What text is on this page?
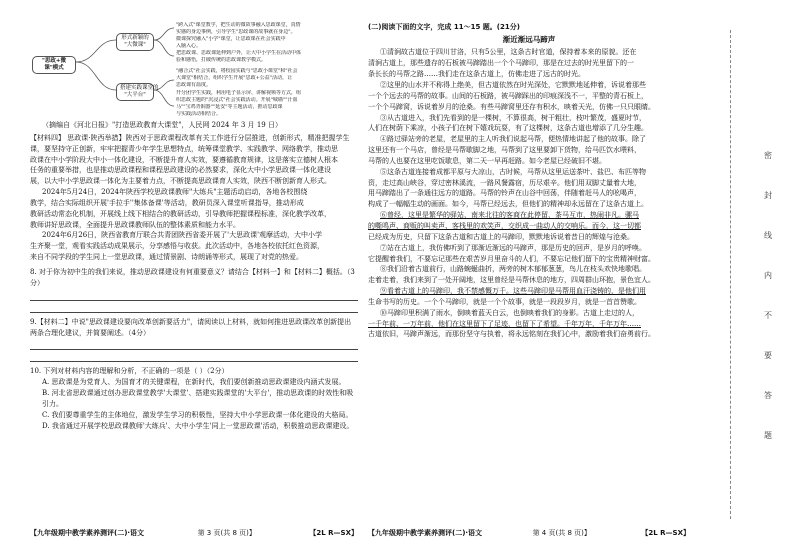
"思政+微课"模式
形式新颖的
"大微课"
搭建实践课堂的
"大平台"
"跨入式"课堂教学，把生动的微故事融入思政课堂，真情
实感的身边事例，引导学生"思政课的故事就在身边"。
微课探究融入"小学"课堂，让思政课在社会实践中
入脑入心。
把思政课、思政课延伸到户外，让大中小学生在活动中体
验和感悟，打破传统的思政课教学模式。
"融合式"社会实践，将校园实践与"思政小课堂"和"社会
大课堂"相结合，组织学生开展"思政+公益"活动，让
思政课有温度。
开分团学生实践，利用电子显示屏、讲解视频等方式，组
织思政主题的"沉浸式"社会实践活动。开展"城墙""汗血
马""宝鸡青铜器""延安"等主题活动，推动思政课
与实践活动相结合。
（摘编自《河北日报》"打造思政教育大课堂"，人民网 2024 年 3 月 19 日）
【材料四】 思政课·陕西举措】陕西对于思政课程改革有关工作进行分层推进，创新形式，精准把握学生
课，要坚持守正创新，牢牢把握青少年学生思想特点，统筹课堂教学、实践教学、网络教学，推动思
政课在中小学阶段大中小一体化建设，不断提升育人实效，要遵循教育规律，这是落实立德树人根本
任务的重要举措，也是推动思政课程和课程思政建设的必然要求，深化大中小学思政课一体化建设
展，以大中小学思政课一体化为主要着力点，不断提高思政课育人实效，陕西不断创新育人形式。
2024年5月24日，2024年陕西学校思政课教师"大练兵"主题活动启动，各地各校围绕
教学，结合实际组织开展'手拉手''集体备课'等活动，教研员深入课堂听课指导，推动形成
教研活动常态化机制，开展线上线下相结合的教研活动，引导教师把握课程标准，深化教学改革，
教师讲好思政课，全面提升思政课教师队伍的整体素质和能力水平。
2024年6月26日，陕西省教育厅联合共青团陕西省委开展了'大思政课'观摩活动，大中小学
生齐聚一堂，观看实践活动成果展示，分享感悟与收获。此次活动中，各地各校依托红色资源，
来自不同学段的学生同上一堂思政课，通过情景剧、诗朗诵等形式，展现了对党的热爱。
8. 对于你为初中生的我们来说，推动思政课建设有何重要意义？请结合【材料一】和【材料二】概括。（3分）
9.【材料二】中说"思政课建设要向改革创新要活力"，请阅读以上材料，就如何推进思政课改革创新提出两条合理化建议，并简要阐述。（4分）
10. 下列对材料内容的理解和分析，不正确的一项是（ ）（2分）
A. 思政课是为党育人、为国育才的关键课程，在新时代，我们要创新推动思政课建设内涵式发展。
B. 河北省思政课通过创办思政课堂教学'大课堂'、搭建实践课堂的'大平台'，推动思政课的时效性和吸引力。
C. 我们要尊重学生的主体地位，激发学生学习的积极性，坚持大中小学思政课一体化建设的大格局。
D. 我省通过开展学校思政课教师'大练兵'、大中小学生'同上一堂思政课'活动，积极推动思政课建设。
(二)阅读下面的文字，完成 11～15 题。(21分)
渐近渐远马蹄声
①清涧故古道位于四川甘洛，只有5公里，这条古时官道，保持着本来的原貌。还在
清涧古道上，那些遗存的石板被马蹄踏出一个个马蹄印，那是在过去的时光里留下的一
条长长的马帮之路……我们走在这条古道上，仿佛走进了远古的时光。
②这里的山水并不称得上绝美，但古道依然在时光深处，它默默地延伸着，诉说着那些
一个个远去的马帮的故事。山间的石板路，被马蹄踩出的印痕深浅不一，平整的青石板上，
一个个马蹄窝，诉说着岁月的沧桑。有些马蹄窝里还存有积水，映着天光，仿佛一只只眼睛。
③从古道进入，我们先看到的是一棵树，不算很高，树干粗壮，枝叶繁茂，盛夏时节，
人们在树荫下乘凉，小孩子们在树下嬉戏玩耍，有了这棵树，这条古道也增添了几分生趣。
④路过驿站旁的老屋，老屋里的主人听我们说起马帮，便热情地讲起了他的故事。除了
这里还有一个马店，曾经是马帮歇脚之地，马帮到了这里要卸下货物，给马匹饮水喂料，
马帮的人也要在这里吃饭歇息，第二天一早再赶路。如今老屋已经破旧不堪。
⑤这条古道连接着成都平原与大凉山，古时候，马帮从这里运送茶叶、盐巴、布匹等物
资，走过高山峡谷，穿过密林溪流，一路风餐露宿，历尽艰辛。他们用双脚丈量着大地，
用马蹄踏出了一条通往远方的道路。马帮的铃声在山谷中回荡，伴随着赶马人的吆喝声，
构成了一幅幅生动的画面。如今，马帮已经远去，但他们的精神却永远留在了这条古道上。
⑥曾经，这里是繁华的驿站，南来北往的客商在此停留，茶马互市，热闹非凡。骡马
的嘶鸣声、商贩的叫卖声、客栈里的欢笑声，交织成一曲动人的交响乐。而今，这一切都
已经成为历史，只留下这条古道和古道上的马蹄印，默默地诉说着昔日的辉煌与沧桑。
⑦站在古道上，我仿佛听到了那渐近渐远的马蹄声，那是历史的回声，是岁月的呼唤。
它提醒着我们，不要忘记那些在艰苦岁月里奋斗的人们，不要忘记他们留下的宝贵精神财富。
⑧我们沿着古道前行，山路蜿蜒曲折，两旁的树木郁郁葱葱，鸟儿在枝头欢快地歌唱。
走着走着，我们来到了一处开阔地，这里曾经是马帮休息的地方，四周群山环抱，景色宜人。
⑨看着古道上的马蹄印，我不禁感慨万千。这些马蹄印是马帮用血汗浇铸的，是他们用
生命书写的历史。一个个马蹄印，就是一个个故事，就是一段段岁月，就是一首首赞歌。
⑩马蹄印里积满了雨水，倒映着蓝天白云，也倒映着我们的身影。古道上走过的人，
一千年前、一万年前，他们在这里留下了足迹，也留下了希望。千年万年，千年万年……
古道依旧，马蹄声渐远，而那份坚守与执着，将永远铭刻在我们心中，激励着我们奋勇前行。
【九年级期中教学素养测评(二)·语文	第 3 页(共 8 页)】	【2L R—SX】 【九年级期中教学素养测评(二)·语文	第 4 页(共 8 页)】	【2L R—SX】
密
封
线
内
不
要
答
题
